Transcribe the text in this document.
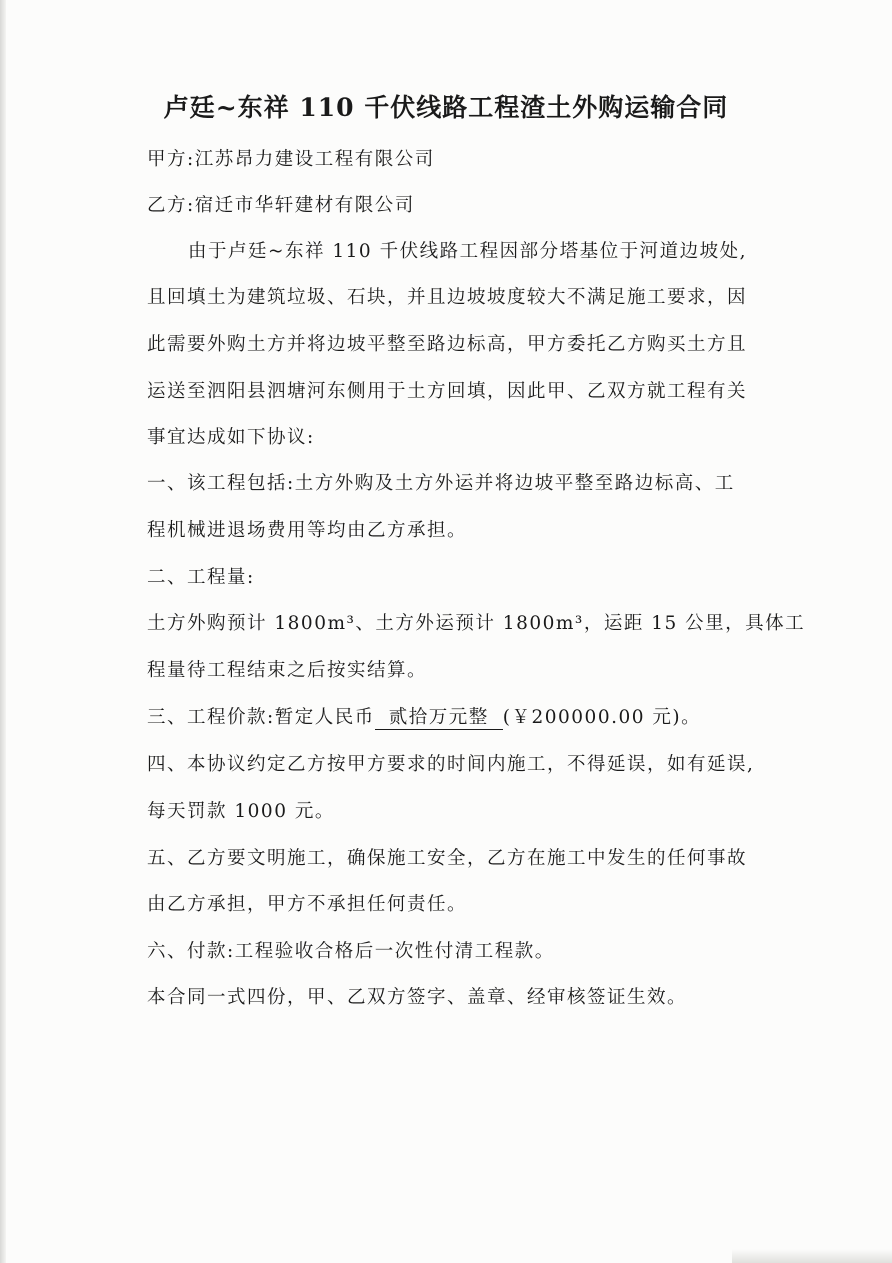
卢廷~东祥 110 千伏线路工程渣土外购运输合同
甲方:江苏昂力建设工程有限公司
乙方:宿迁市华轩建材有限公司
由于卢廷~东祥 110 千伏线路工程因部分塔基位于河道边坡处,
且回填土为建筑垃圾、石块，并且边坡坡度较大不满足施工要求，因
此需要外购土方并将边坡平整至路边标高，甲方委托乙方购买土方且
运送至泗阳县泗塘河东侧用于土方回填，因此甲、乙双方就工程有关
事宜达成如下协议:
一、该工程包括:土方外购及土方外运并将边坡平整至路边标高、工
程机械进退场费用等均由乙方承担。
二、工程量:
土方外购预计 1800m³、土方外运预计 1800m³，运距 15 公里，具体工
程量待工程结束之后按实结算。
三、工程价款:暂定人民币 贰拾万元整 (￥200000.00 元)。
四、本协议约定乙方按甲方要求的时间内施工，不得延误，如有延误,
每天罚款 1000 元。
五、乙方要文明施工，确保施工安全，乙方在施工中发生的任何事故
由乙方承担，甲方不承担任何责任。
六、付款:工程验收合格后一次性付清工程款。
本合同一式四份，甲、乙双方签字、盖章、经审核签证生效。
